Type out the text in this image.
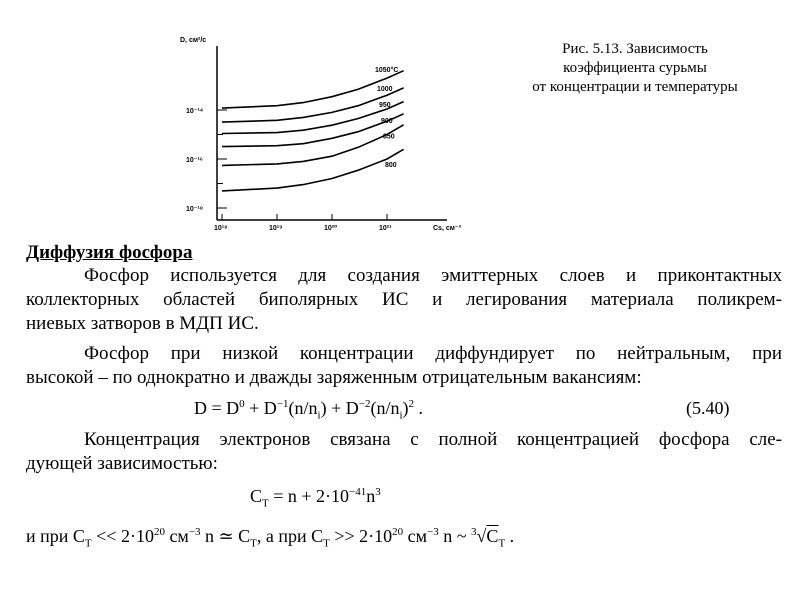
10⁻¹⁴
10⁻¹⁶
10⁻¹⁸
10¹⁸	10¹⁹	10²⁰	10²¹
D, см²/с
Cs, см⁻³
1050°C
1000
950
900
850
800
Рис. 5.13. Зависимость
коэффициента сурьмы
от концентрации и температуры
Диффузия фосфора
Фосфор используется для создания эмиттерных слоев и приконтактных
коллекторных областей биполярных ИС и легирования материала поликрем-
ниевых затворов в МДП ИС.
Фосфор при низкой концентрации диффундирует по нейтральным, при
высокой – по однократно и дважды заряженным отрицательным вакансиям:
$D = D^0 + D^{-1}(n/n_i) + D^{-2}(n/n_i)^2$ .	(5.40)
Концентрация электронов связана с полной концентрацией фосфора сле-
дующей зависимостью:
$C_T = n + 2\cdot 10^{-41}n^3$
и при $C_T << 2\cdot 10^{20}$ $см^{-3}$ n ≃ $C_T$, а при $C_T >> 2\cdot 10^{20}$ $см^{-3}$ n ~ $^3√C_T$ .
